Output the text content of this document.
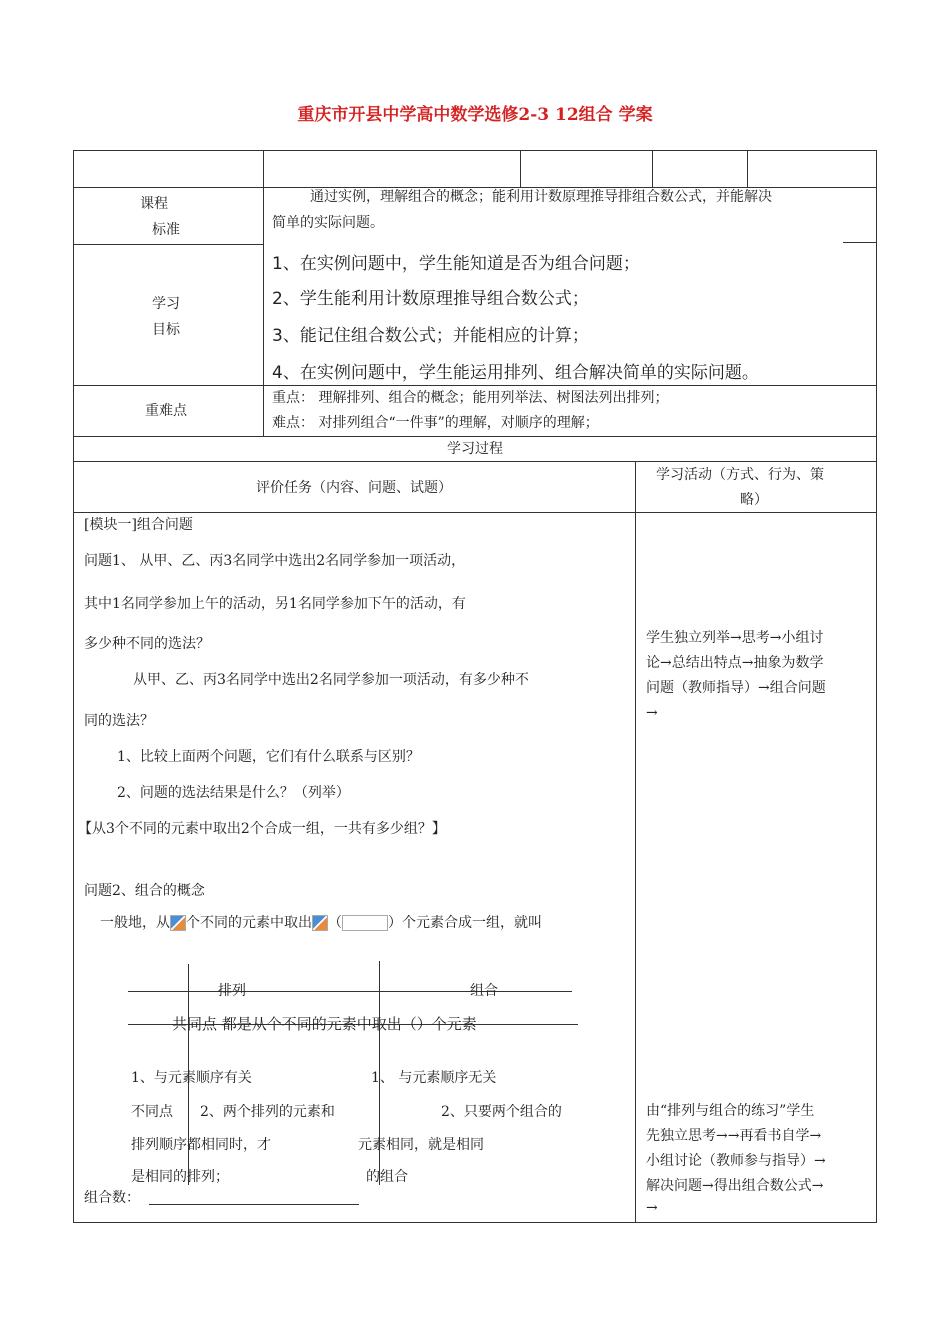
重庆市开县中学高中数学选修2-3 12组合 学案
课程
标准
通过实例，理解组合的概念；能利用计数原理推导排组合数公式，并能解决
简单的实际问题。
学习
目标
1、在实例问题中，学生能知道是否为组合问题；
2、学生能利用计数原理推导组合数公式；
3、能记住组合数公式；并能相应的计算；
4、在实例问题中，学生能运用排列、组合解决简单的实际问题。
重难点
重点： 理解排列、组合的概念；能用列举法、树图法列出排列；
难点： 对排列组合“一件事”的理解，对顺序的理解；
学习过程
评价任务（内容、问题、试题）
学习活动（方式、行为、策
略）
[模块一]组合问题
问题1、 从甲、乙、丙3名同学中选出2名同学参加一项活动，
其中1名同学参加上午的活动，另1名同学参加下午的活动，有
多少种不同的选法？
从甲、乙、丙3名同学中选出2名同学参加一项活动，有多少种不
同的选法？
1、比较上面两个问题，它们有什么联系与区别？
2、问题的选法结果是什么？（列举）
【从3个不同的元素中取出2个合成一组，一共有多少组？】
问题2、组合的概念
一般地，从 个不同的元素中取出 （	）个元素合成一组，就叫
排列	组合
共同点 都是从个不同的元素中取出（）个元素
1、与元素顺序有关	1、 与元素顺序无关
不同点 2、两个排列的元素和	2、只要两个组合的
排列顺序都相同时，才	元素相同，就是相同
是相同的排列；	的组合
组合数：
学生独立列举→思考→小组讨
论→总结出特点→抽象为数学
问题（教师指导）→组合问题
→
由“排列与组合的练习”学生
先独立思考→→再看书自学→
小组讨论（教师参与指导）→
解决问题→得出组合数公式→
→
